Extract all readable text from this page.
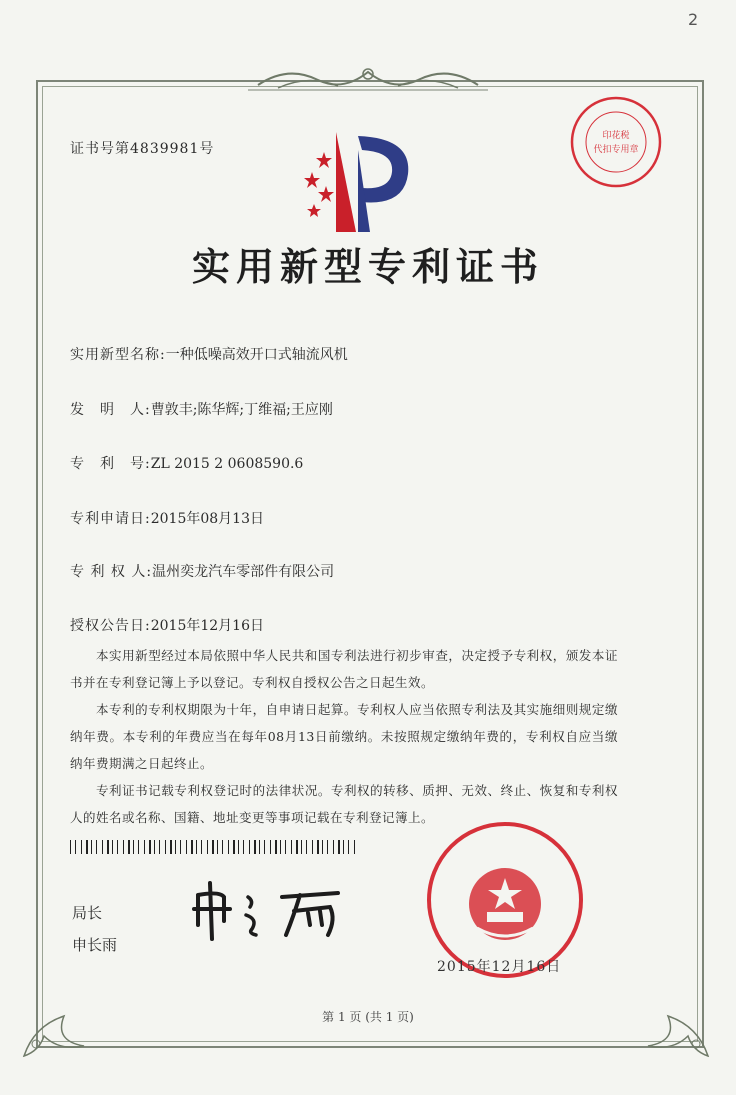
2
证书号第4839981号
印花税
代扣专用章
实用新型专利证书
实用新型名称:一种低噪高效开口式轴流风机
发　明　人:曹敦丰;陈华辉;丁维福;王应刚
专　利　号:ZL 2015 2 0608590.6
专利申请日:2015年08月13日
专 利 权 人:温州奕龙汽车零部件有限公司
授权公告日:2015年12月16日

本实用新型经过本局依照中华人民共和国专利法进行初步审查，决定授予专利权，颁发本证书并在专利登记簿上予以登记。专利权自授权公告之日起生效。

本专利的专利权期限为十年，自申请日起算。专利权人应当依照专利法及其实施细则规定缴纳年费。本专利的年费应当在每年08月13日前缴纳。未按照规定缴纳年费的，专利权自应当缴纳年费期满之日起终止。

专利证书记载专利权登记时的法律状况。专利权的转移、质押、无效、终止、恢复和专利权人的姓名或名称、国籍、地址变更等事项记载在专利登记簿上。

局长
申长雨
2015年12月16日
第 1 页 (共 1 页)
